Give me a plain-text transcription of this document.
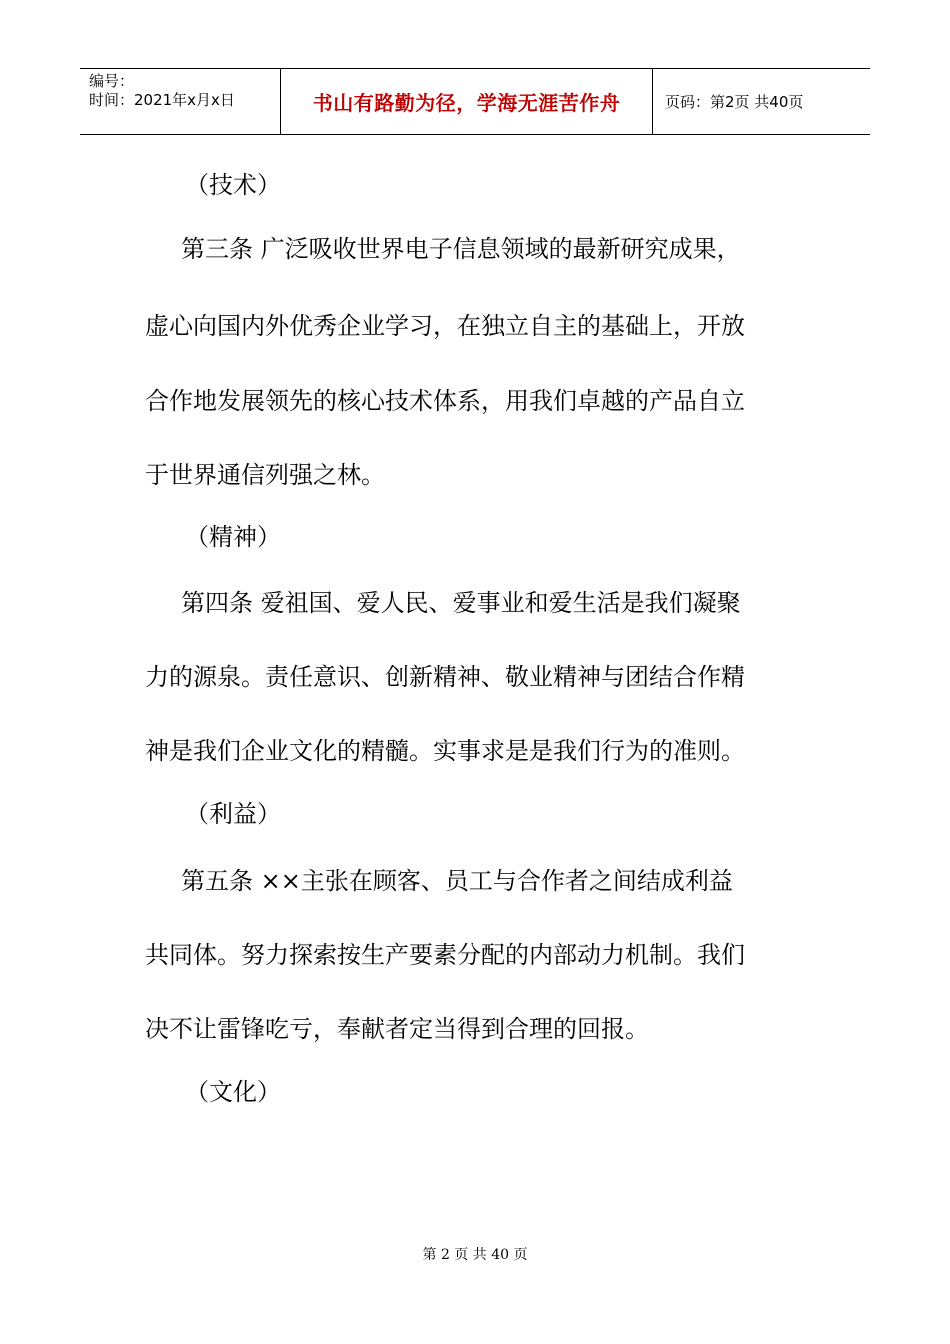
编号：
时间：2021年x月x日	书山有路勤为径，学海无涯苦作舟	页码：第2页 共40页
（技术）
第三条 广泛吸收世界电子信息领域的最新研究成果，
虚心向国内外优秀企业学习，在独立自主的基础上，开放
合作地发展领先的核心技术体系，用我们卓越的产品自立
于世界通信列强之林。
（精神）
第四条 爱祖国、爱人民、爱事业和爱生活是我们凝聚
力的源泉。责任意识、创新精神、敬业精神与团结合作精
神是我们企业文化的精髓。实事求是是我们行为的准则。
（利益）
第五条 ××主张在顾客、员工与合作者之间结成利益
共同体。努力探索按生产要素分配的内部动力机制。我们
决不让雷锋吃亏，奉献者定当得到合理的回报。
（文化）
第 2 页 共 40 页
